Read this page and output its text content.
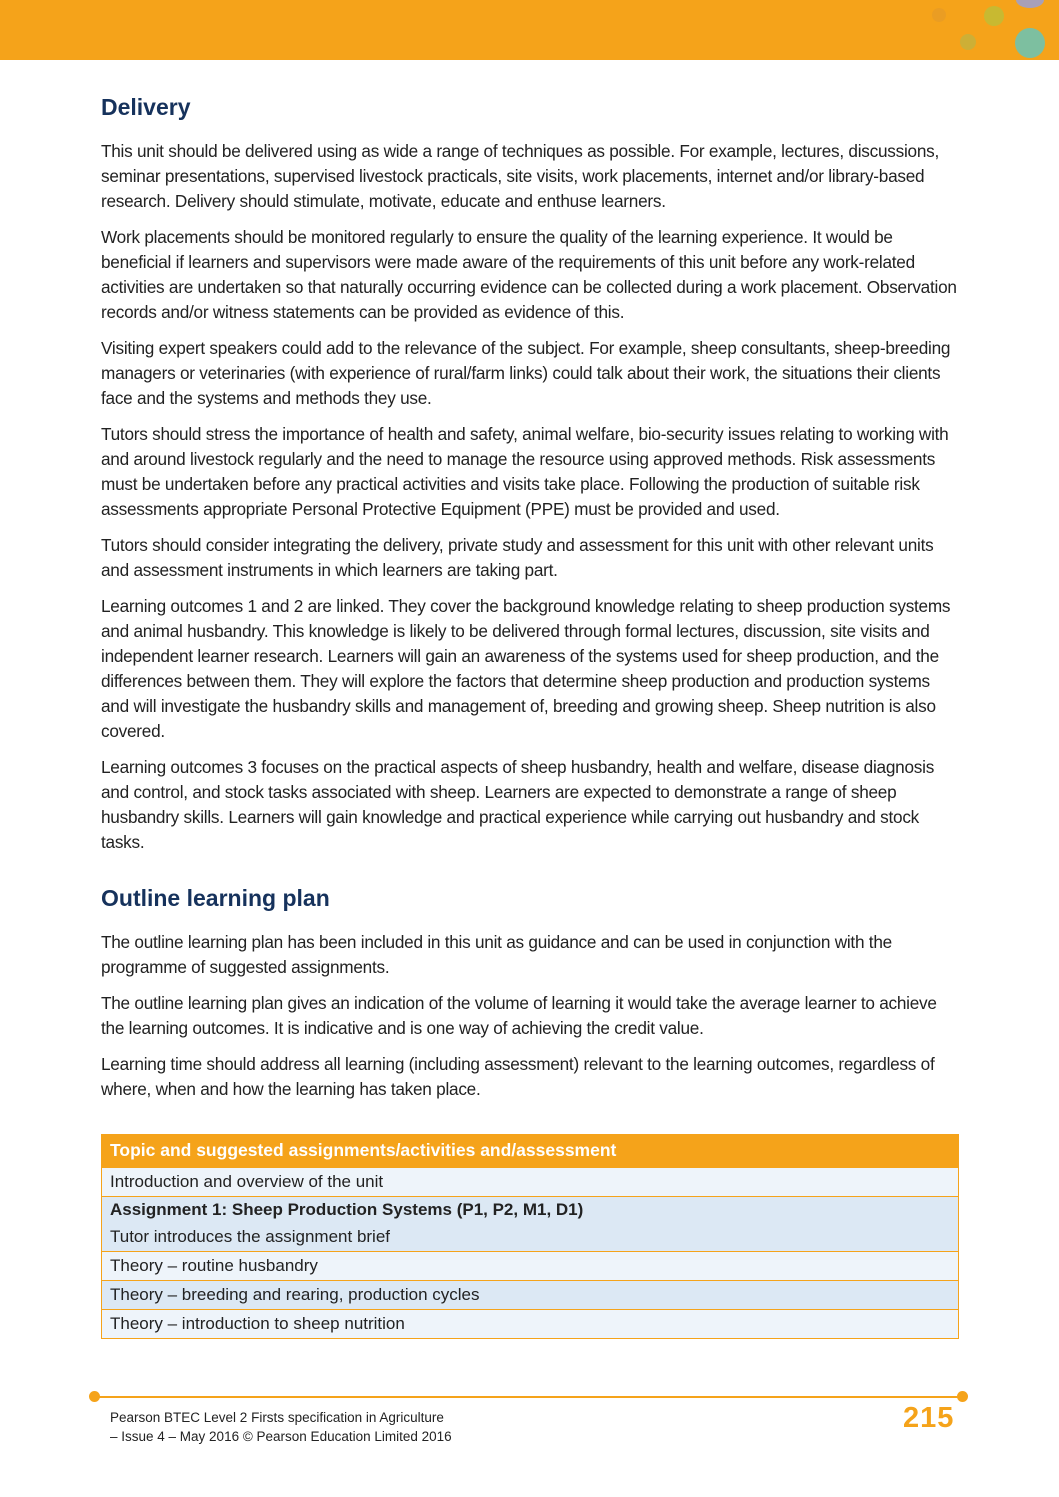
Delivery

This unit should be delivered using as wide a range of techniques as possible. For example, lectures, discussions, seminar presentations, supervised livestock practicals, site visits, work placements, internet and/or library-based research. Delivery should stimulate, motivate, educate and enthuse learners.

Work placements should be monitored regularly to ensure the quality of the learning experience. It would be beneficial if learners and supervisors were made aware of the requirements of this unit before any work-related activities are undertaken so that naturally occurring evidence can be collected during a work placement. Observation records and/or witness statements can be provided as evidence of this.

Visiting expert speakers could add to the relevance of the subject. For example, sheep consultants, sheep-breeding managers or veterinaries (with experience of rural/farm links) could talk about their work, the situations their clients face and the systems and methods they use.

Tutors should stress the importance of health and safety, animal welfare, bio-security issues relating to working with and around livestock regularly and the need to manage the resource using approved methods. Risk assessments must be undertaken before any practical activities and visits take place. Following the production of suitable risk assessments appropriate Personal Protective Equipment (PPE) must be provided and used.

Tutors should consider integrating the delivery, private study and assessment for this unit with other relevant units and assessment instruments in which learners are taking part.

Learning outcomes 1 and 2 are linked. They cover the background knowledge relating to sheep production systems and animal husbandry. This knowledge is likely to be delivered through formal lectures, discussion, site visits and independent learner research. Learners will gain an awareness of the systems used for sheep production, and the differences between them. They will explore the factors that determine sheep production and production systems and will investigate the husbandry skills and management of, breeding and growing sheep. Sheep nutrition is also covered.

Learning outcomes 3 focuses on the practical aspects of sheep husbandry, health and welfare, disease diagnosis and control, and stock tasks associated with sheep. Learners are expected to demonstrate a range of sheep husbandry skills. Learners will gain knowledge and practical experience while carrying out husbandry and stock tasks.

Outline learning plan

The outline learning plan has been included in this unit as guidance and can be used in conjunction with the programme of suggested assignments.

The outline learning plan gives an indication of the volume of learning it would take the average learner to achieve the learning outcomes. It is indicative and is one way of achieving the credit value.

Learning time should address all learning (including assessment) relevant to the learning outcomes, regardless of where, when and how the learning has taken place.

Topic and suggested assignments/activities and/assessment
Introduction and overview of the unit
Assignment 1: Sheep Production Systems (P1, P2, M1, D1)
Tutor introduces the assignment brief
Theory – routine husbandry
Theory – breeding and rearing, production cycles
Theory – introduction to sheep nutrition
Pearson BTEC Level 2 Firsts specification in Agriculture
– Issue 4 – May 2016 © Pearson Education Limited 2016
215
